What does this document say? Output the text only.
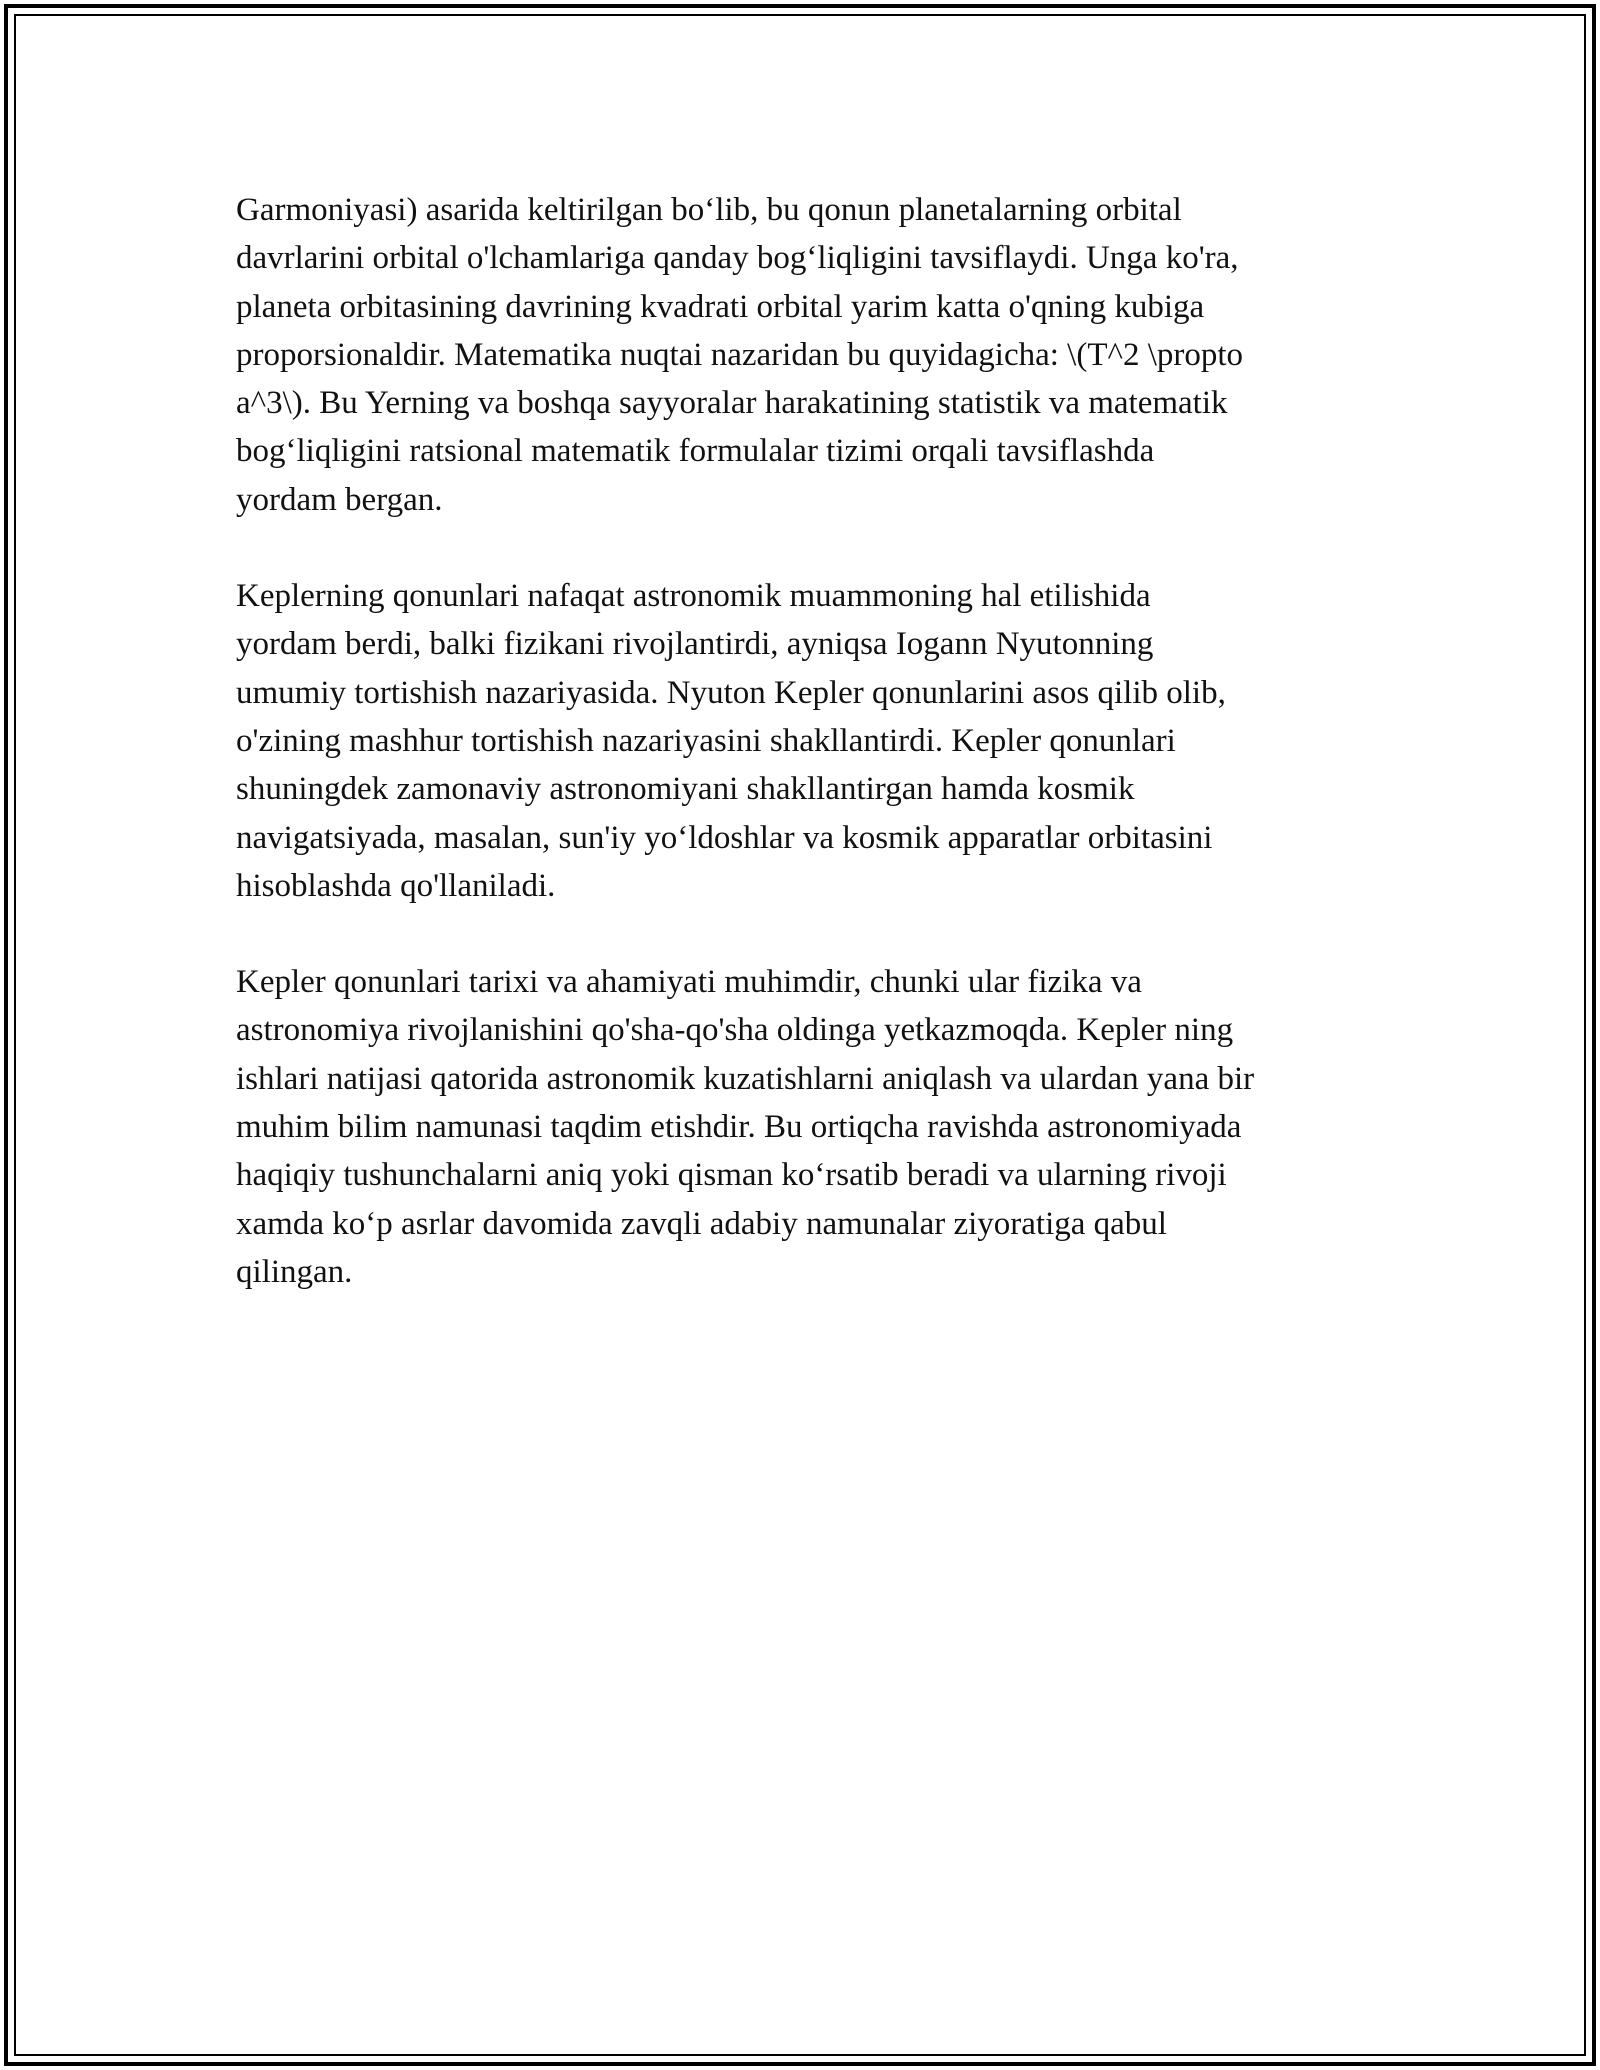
Garmoniyasi) asarida keltirilgan bo‘lib, bu qonun planetalarning orbital
davrlarini orbital o'lchamlariga qanday bog‘liqligini tavsiflaydi. Unga ko'ra,
planeta orbitasining davrining kvadrati orbital yarim katta o'qning kubiga
proporsionaldir. Matematika nuqtai nazaridan bu quyidagicha: \(T^2 \propto
a^3\). Bu Yerning va boshqa sayyoralar harakatining statistik va matematik
bog‘liqligini ratsional matematik formulalar tizimi orqali tavsiflashda
yordam bergan.

Keplerning qonunlari nafaqat astronomik muammoning hal etilishida
yordam berdi, balki fizikani rivojlantirdi, ayniqsa Iogann Nyutonning
umumiy tortishish nazariyasida. Nyuton Kepler qonunlarini asos qilib olib,
o'zining mashhur tortishish nazariyasini shakllantirdi. Kepler qonunlari
shuningdek zamonaviy astronomiyani shakllantirgan hamda kosmik
navigatsiyada, masalan, sun'iy yo‘ldoshlar va kosmik apparatlar orbitasini
hisoblashda qo'llaniladi.

Kepler qonunlari tarixi va ahamiyati muhimdir, chunki ular fizika va
astronomiya rivojlanishini qo'sha-qo'sha oldinga yetkazmoqda. Kepler ning
ishlari natijasi qatorida astronomik kuzatishlarni aniqlash va ulardan yana bir
muhim bilim namunasi taqdim etishdir. Bu ortiqcha ravishda astronomiyada
haqiqiy tushunchalarni aniq yoki qisman ko‘rsatib beradi va ularning rivoji
xamda ko‘p asrlar davomida zavqli adabiy namunalar ziyoratiga qabul
qilingan.
